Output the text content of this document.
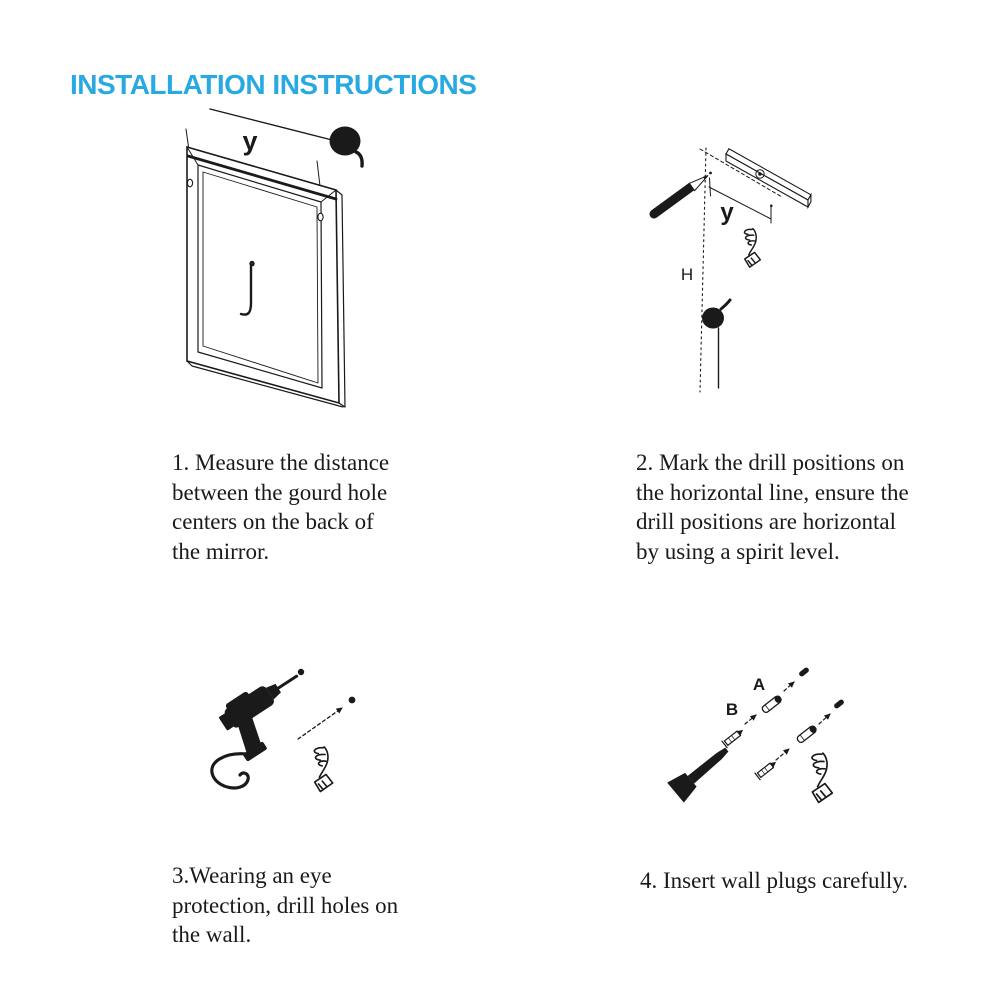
INSTALLATION INSTRUCTIONS
y
H
y
A
B
1. Measure the distance
between the gourd hole
centers on the back of
the mirror.
2. Mark the drill positions on
the horizontal line, ensure the
drill positions are horizontal
by using a spirit level.
3.Wearing an eye
protection, drill holes on
the wall.
4. Insert wall plugs carefully.
